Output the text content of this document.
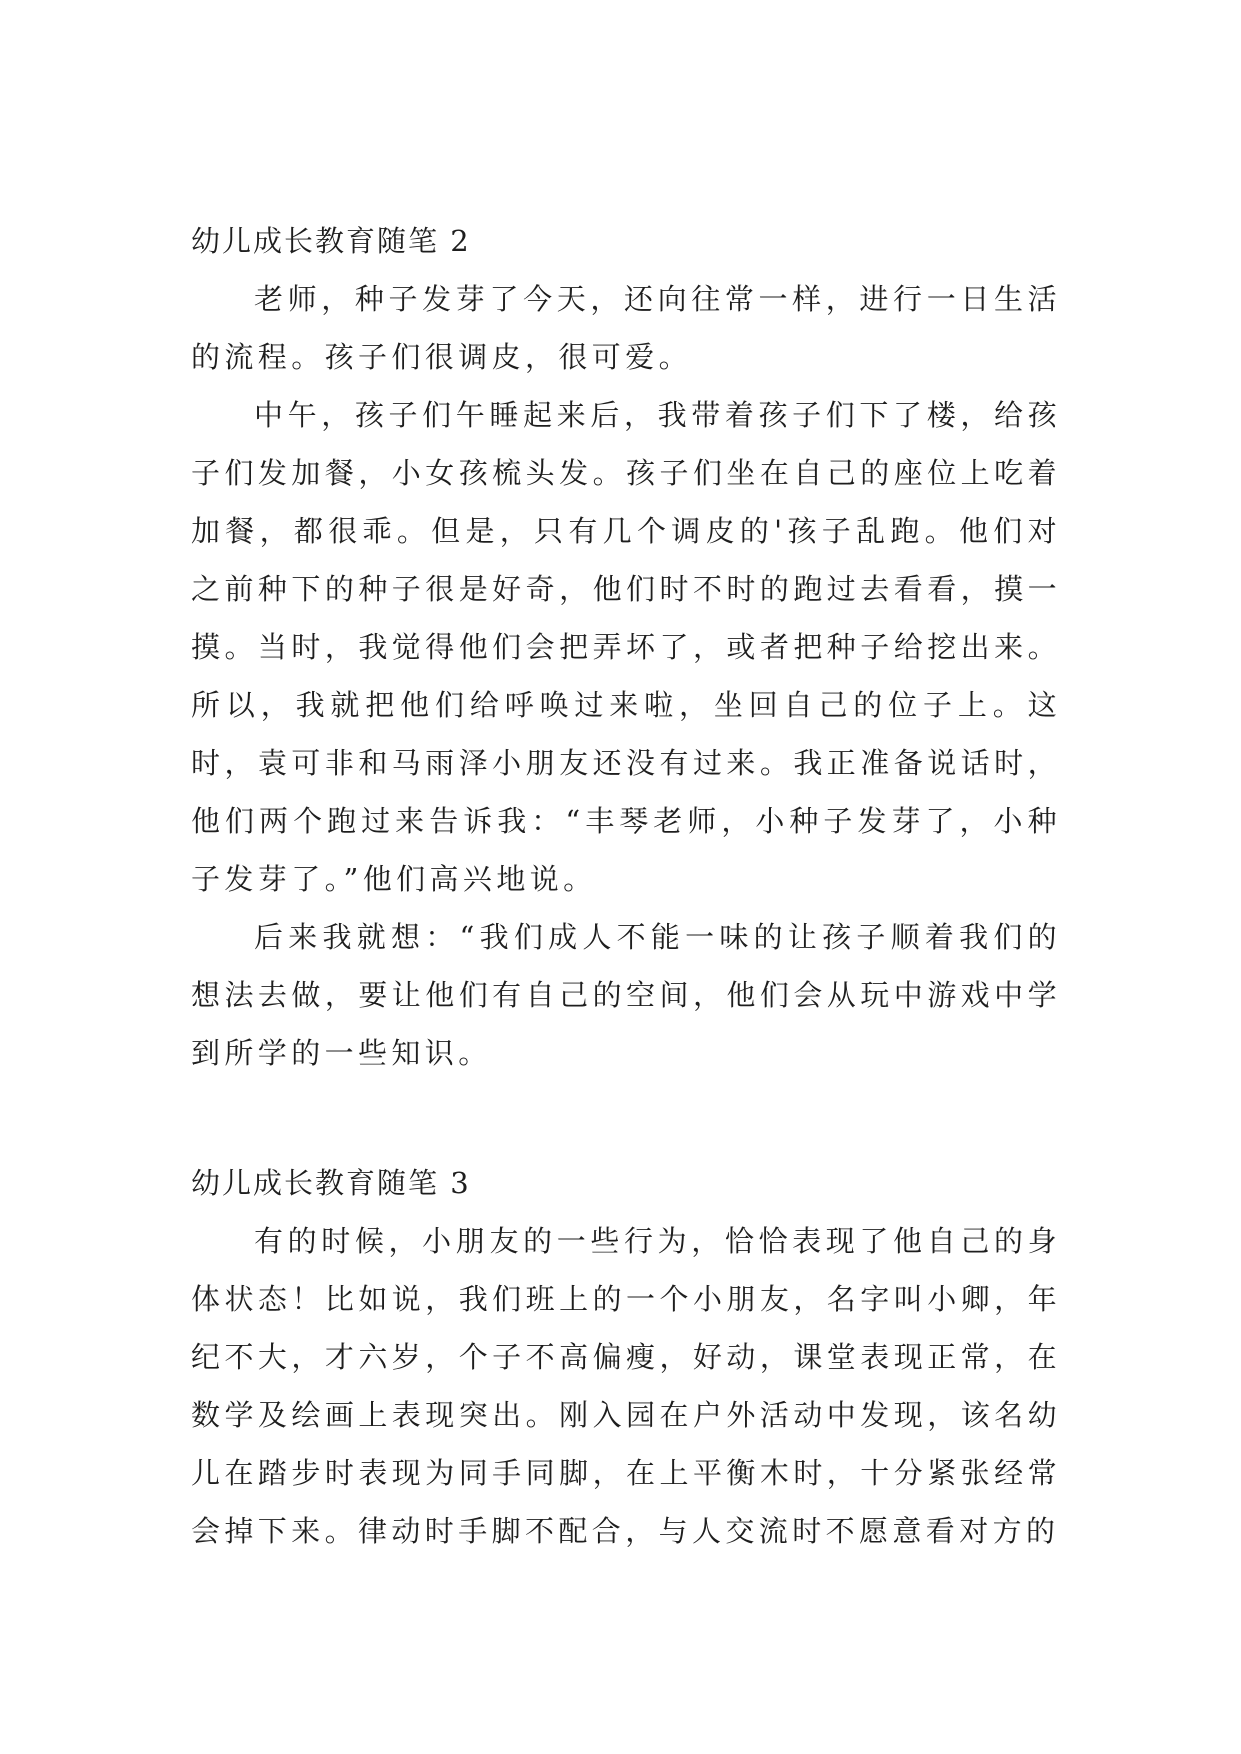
幼儿成长教育随笔 2

老师，种子发芽了今天，还向往常一样，进行一日生活的流程。孩子们很调皮，很可爱。

中午，孩子们午睡起来后，我带着孩子们下了楼，给孩子们发加餐，小女孩梳头发。孩子们坐在自己的座位上吃着加餐，都很乖。但是，只有几个调皮的'孩子乱跑。他们对之前种下的种子很是好奇，他们时不时的跑过去看看，摸一摸。当时，我觉得他们会把弄坏了，或者把种子给挖出来。所以，我就把他们给呼唤过来啦，坐回自己的位子上。这时，袁可非和马雨泽小朋友还没有过来。我正准备说话时，他们两个跑过来告诉我：“丰琴老师，小种子发芽了，小种子发芽了。”他们高兴地说。

后来我就想：“我们成人不能一味的让孩子顺着我们的想法去做，要让他们有自己的空间，他们会从玩中游戏中学到所学的一些知识。

幼儿成长教育随笔 3

有的时候，小朋友的一些行为，恰恰表现了他自己的身体状态！比如说，我们班上的一个小朋友，名字叫小卿，年纪不大，才六岁，个子不高偏瘦，好动，课堂表现正常，在数学及绘画上表现突出。刚入园在户外活动中发现，该名幼儿在踏步时表现为同手同脚，在上平衡木时，十分紧张经常会掉下来。律动时手脚不配合，与人交流时不愿意看对方的
